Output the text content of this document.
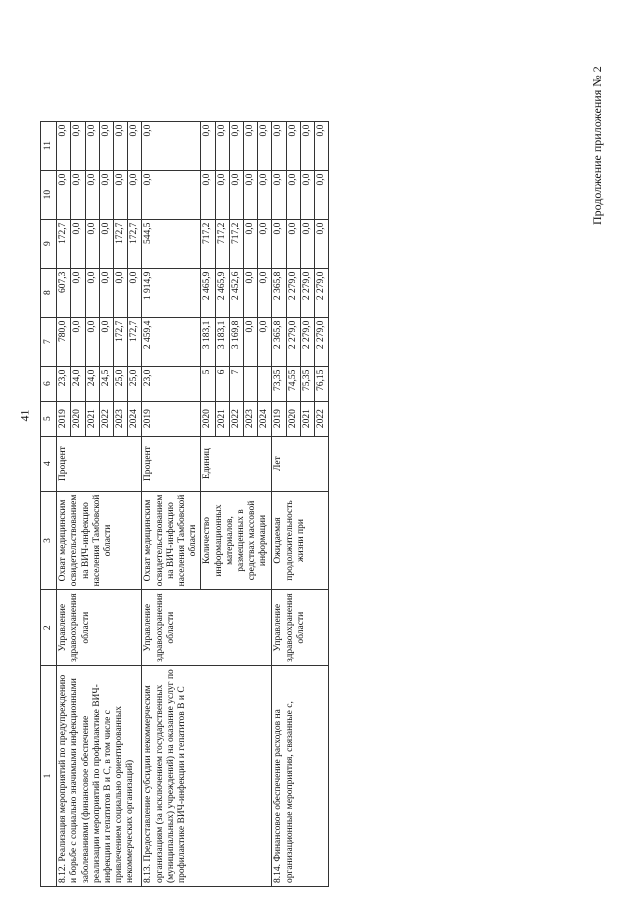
41
Продолжение приложения № 2
1	2	3	4	5	6	7	8	9	10	11
8.12. Реализация мероприятий по предупреждению и борьбе с социально значимыми инфекционными заболеваниями (финансовое обеспечение реализации мероприятий по профилактике ВИЧ-инфекции и гепатитов В и С, в том числе с привлечением социально ориентированных некоммерческих организаций)	Управление здравоохранения области	Охват медицинским освидетельствованием на ВИЧ-инфекцию населения Тамбовской области	Процент	2019	23,0	780,0	607,3	172,7	0,0	0,0
				2020	24,0	0,0	0,0	0,0	0,0	0,0
				2021	24,0	0,0	0,0	0,0	0,0	0,0
				2022	24,5	0,0	0,0	0,0	0,0	0,0
				2023	25,0	172,7	0,0	172,7	0,0	0,0
				2024	25,0	172,7	0,0	172,7	0,0	0,0
8.13. Предоставление субсидии некоммерческим организациям (за исключением государственных (муниципальных) учреждений) на оказание услуг по профилактике ВИЧ-инфекции и гепатитов В и С	Управление здравоохранения области	Охват медицинским освидетельствованием на ВИЧ-инфекцию населения Тамбовской области	Процент	2019	23,0	2 459,4	1 914,9	544,5	0,0	0,0
		Количество информационных материалов, размещенных в средствах массовой информации	Единиц	2020	5	3 183,1	2 465,9	717,2	0,0	0,0
				2021	6	3 183,1	2 465,9	717,2	0,0	0,0
				2022	7	3 169,8	2 452,6	717,2	0,0	0,0
				2023		0,0	0,0	0,0	0,0	0,0
				2024		0,0	0,0	0,0	0,0	0,0
8.14. Финансовое обеспечение расходов на организационные мероприятия, связанные с,	Управление здравоохранения области	Ожидаемая продолжительность жизни при	Лет	2019	73,35	2 365,8	2 365,8	0,0	0,0	0,0
				2020	74,55	2 279,0	2 279,0	0,0	0,0	0,0
				2021	75,35	2 279,0	2 279,0	0,0	0,0	0,0
				2022	76,15	2 279,0	2 279,0	0,0	0,0	0,0
